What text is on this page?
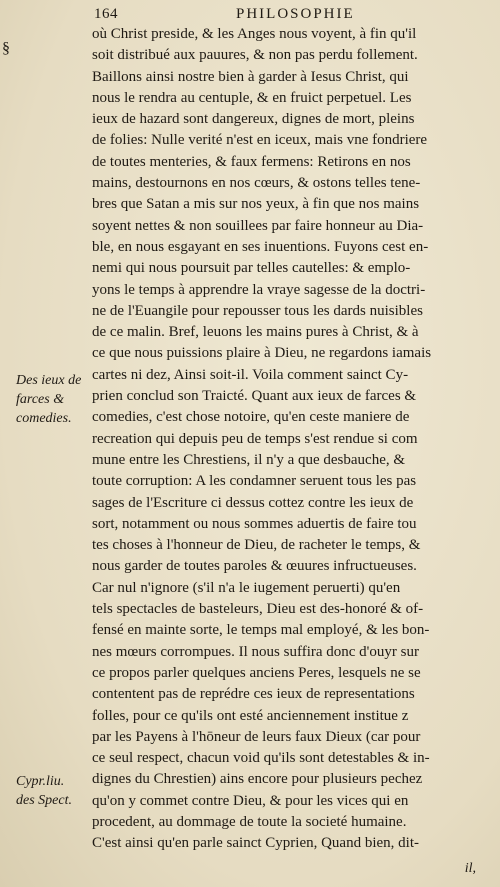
164	PHILOSOPHIE
§
où Christ preside, & les Anges nous voyent, à fin qu'il
soit distribué aux pauures, & non pas perdu follement.
Baillons ainsi nostre bien à garder à Iesus Christ, qui
nous le rendra au centuple, & en fruict perpetuel. Les
ieux de hazard sont dangereux, dignes de mort, pleins
de folies: Nulle verité n'est en iceux, mais vne fondriere
de toutes menteries, & faux fermens: Retirons en nos
mains, destournons en nos cœurs, & ostons telles tene-
bres que Satan a mis sur nos yeux, à fin que nos mains
soyent nettes & non souillees par faire honneur au Dia-
ble, en nous esgayant en ses inuentions. Fuyons cest en-
nemi qui nous poursuit par telles cautelles: & emplo-
yons le temps à apprendre la vraye sagesse de la doctri-
ne de l'Euangile pour repousser tous les dards nuisibles
de ce malin. Bref, leuons les mains pures à Christ, & à
ce que nous puissions plaire à Dieu, ne regardons iamais
cartes ni dez, Ainsi soit-il. Voila comment sainct Cy-
prien conclud son Traicté. Quant aux ieux de farces &
comedies, c'est chose notoire, qu'en ceste maniere de
recreation qui depuis peu de temps s'est rendue si com
mune entre les Chrestiens, il n'y a que desbauche, &
toute corruption: A les condamner seruent tous les pas
sages de l'Escriture ci dessus cottez contre les ieux de
sort, notamment ou nous sommes aduertis de faire tou
tes choses à l'honneur de Dieu, de racheter le temps, &
nous garder de toutes paroles & œuures infructueuses.
Car nul n'ignore (s'il n'a le iugement peruerti) qu'en
tels spectacles de basteleurs, Dieu est des-honoré & of-
fensé en mainte sorte, le temps mal employé, & les bon-
nes mœurs corrompues. Il nous suffira donc d'ouyr sur
ce propos parler quelques anciens Peres, lesquels ne se
contentent pas de reprédre ces ieux de representations
folles, pour ce qu'ils ont esté anciennement institue z
par les Payens à l'hōneur de leurs faux Dieux (car pour
ce seul respect, chacun void qu'ils sont detestables & in-
dignes du Chrestien) ains encore pour plusieurs pechez
qu'on y commet contre Dieu, & pour les vices qui en
procedent, au dommage de toute la societé humaine.
C'est ainsi qu'en parle sainct Cyprien, Quand bien, dit-
Des ieux de
farces &
comedies.
Cypr.liu.
des Spect.
il,
